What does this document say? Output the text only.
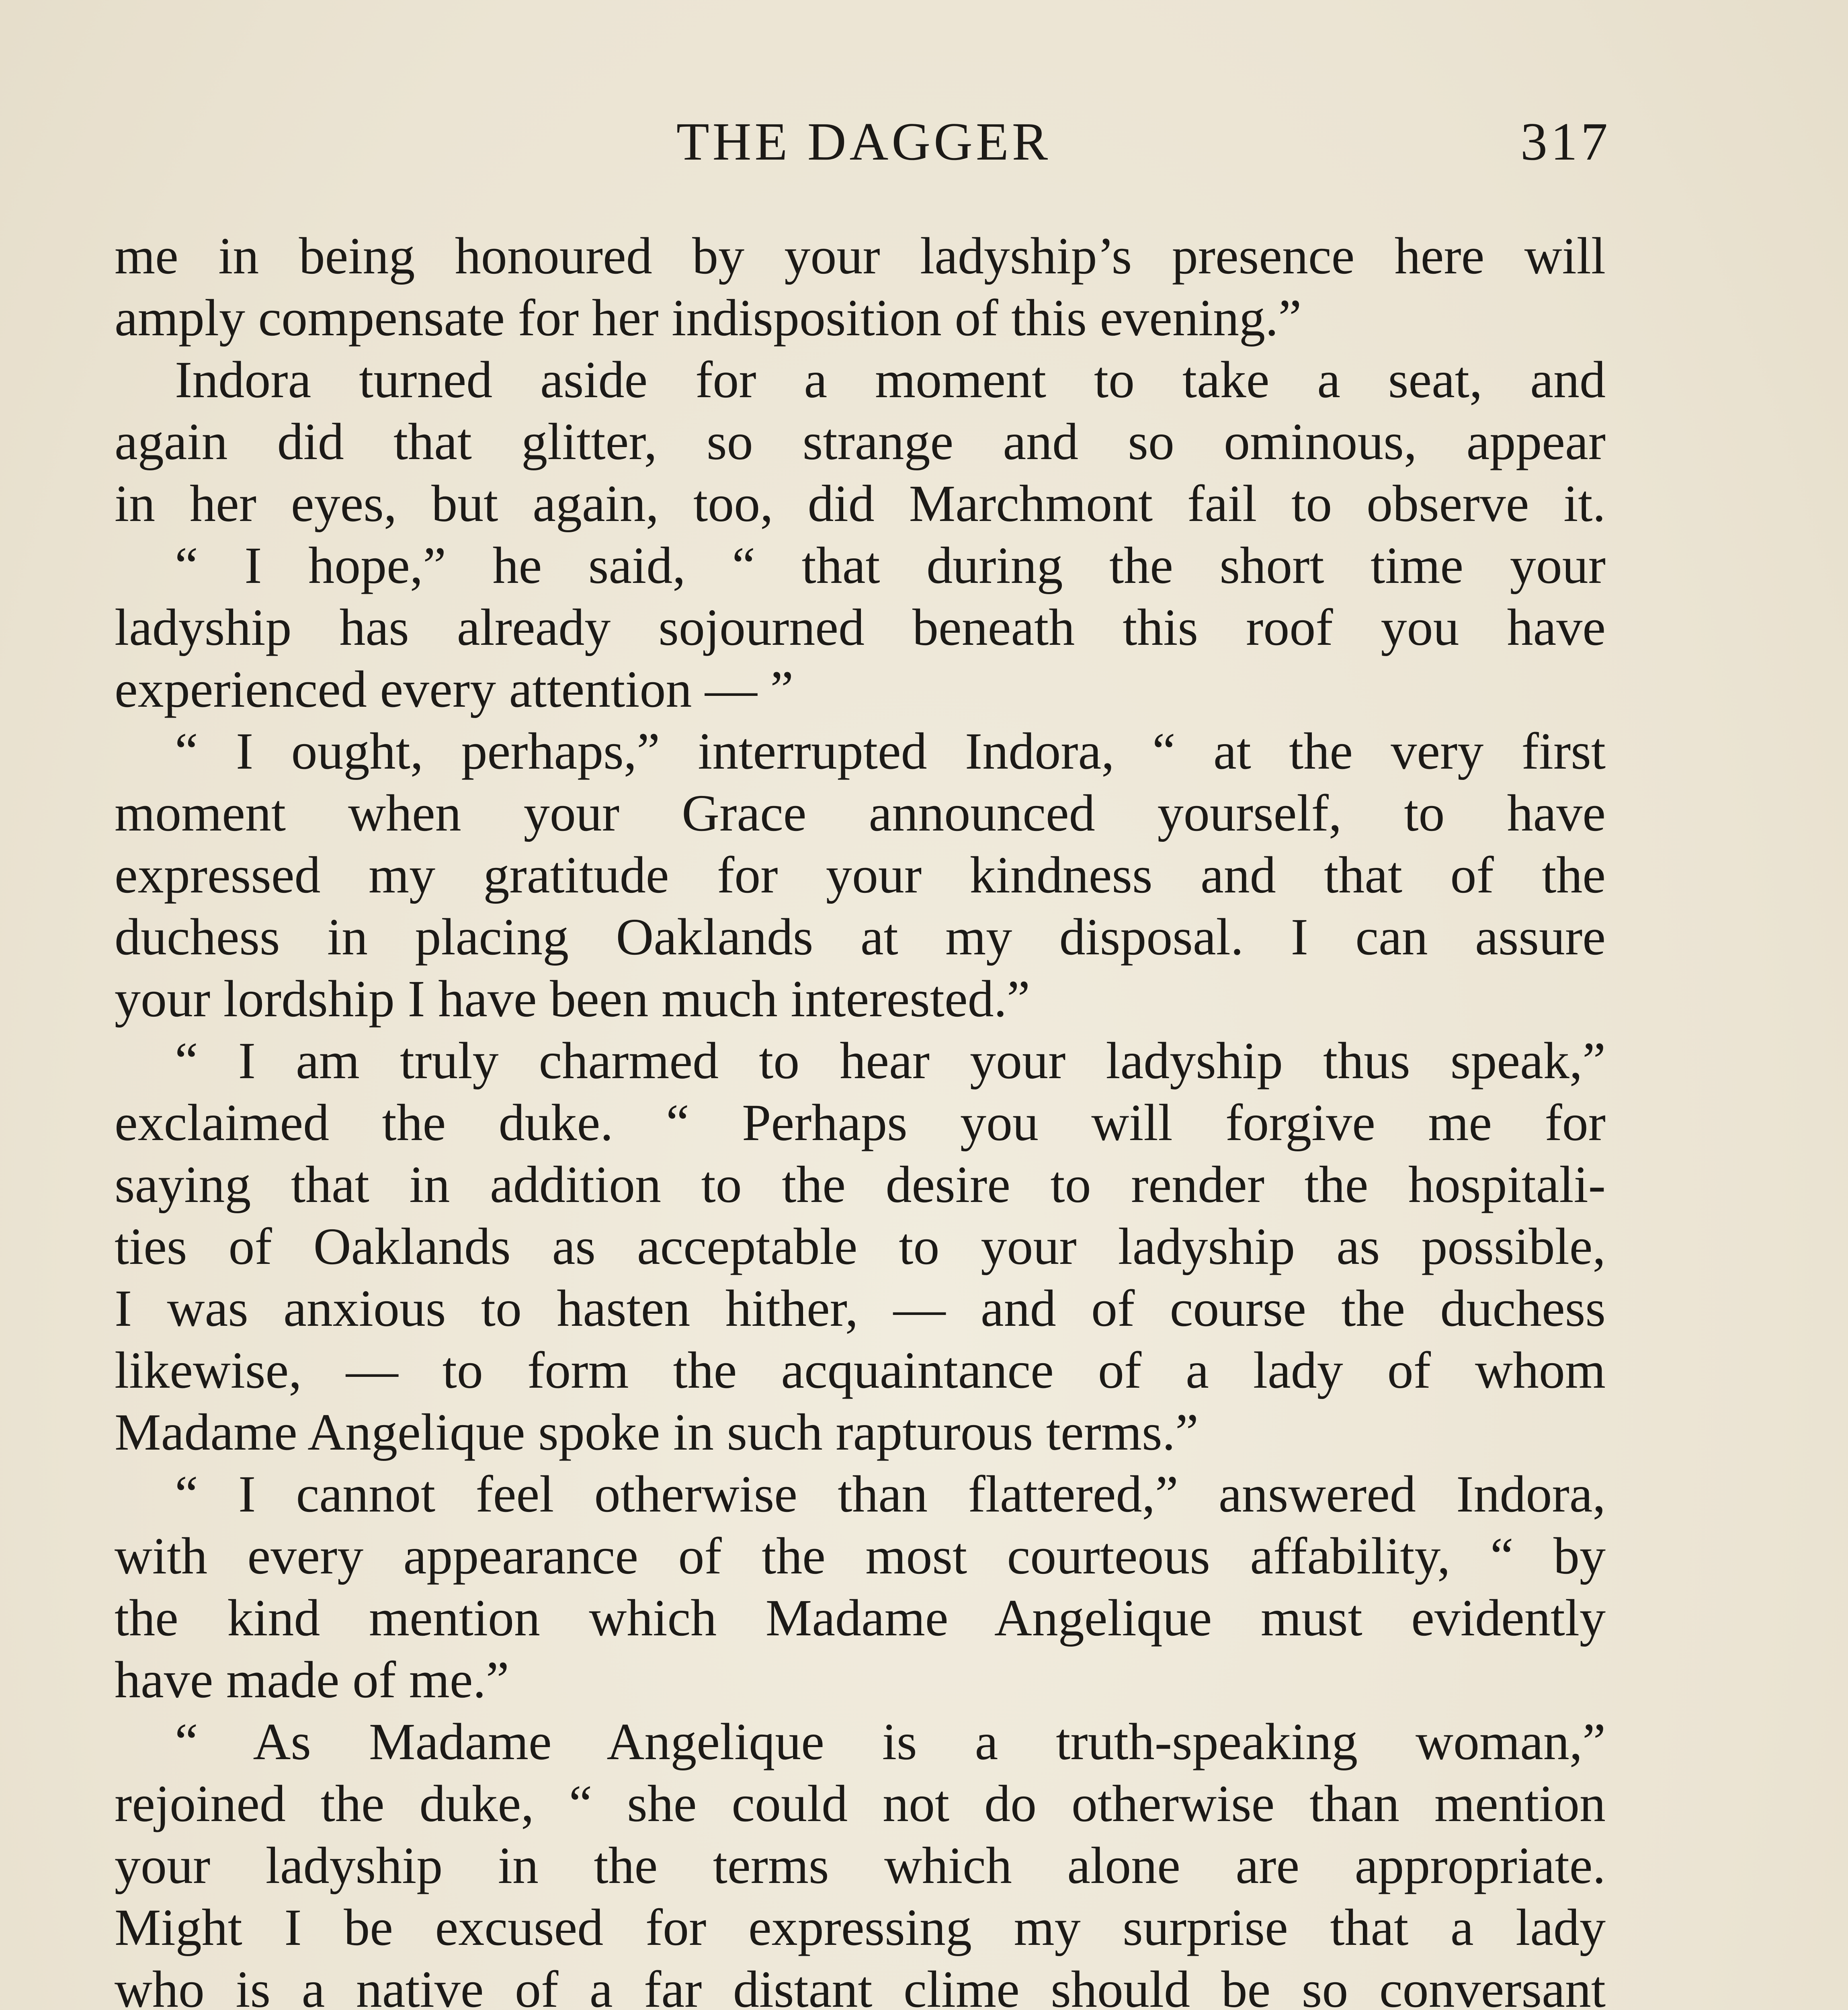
THE DAGGER	317
me in being honoured by your ladyship’s presence here will
amply compensate for her indisposition of this evening.”
Indora turned aside for a moment to take a seat, and
again did that glitter, so strange and so ominous, appear
in her eyes, but again, too, did Marchmont fail to observe it.
“ I hope,” he said, “ that during the short time your
ladyship has already sojourned beneath this roof you have
experienced every attention — ”
“ I ought, perhaps,” interrupted Indora, “ at the very first
moment when your Grace announced yourself, to have
expressed my gratitude for your kindness and that of the
duchess in placing Oaklands at my disposal. I can assure
your lordship I have been much interested.”
“ I am truly charmed to hear your ladyship thus speak,”
exclaimed the duke. “ Perhaps you will forgive me for
saying that in addition to the desire to render the hospitali-
ties of Oaklands as acceptable to your ladyship as possible,
I was anxious to hasten hither, — and of course the duchess
likewise, — to form the acquaintance of a lady of whom
Madame Angelique spoke in such rapturous terms.”
“ I cannot feel otherwise than flattered,” answered Indora,
with every appearance of the most courteous affability, “ by
the kind mention which Madame Angelique must evidently
have made of me.”
“ As Madame Angelique is a truth-speaking woman,”
rejoined the duke, “ she could not do otherwise than mention
your ladyship in the terms which alone are appropriate.
Might I be excused for expressing my surprise that a lady
who is a native of a far distant clime should be so conversant
